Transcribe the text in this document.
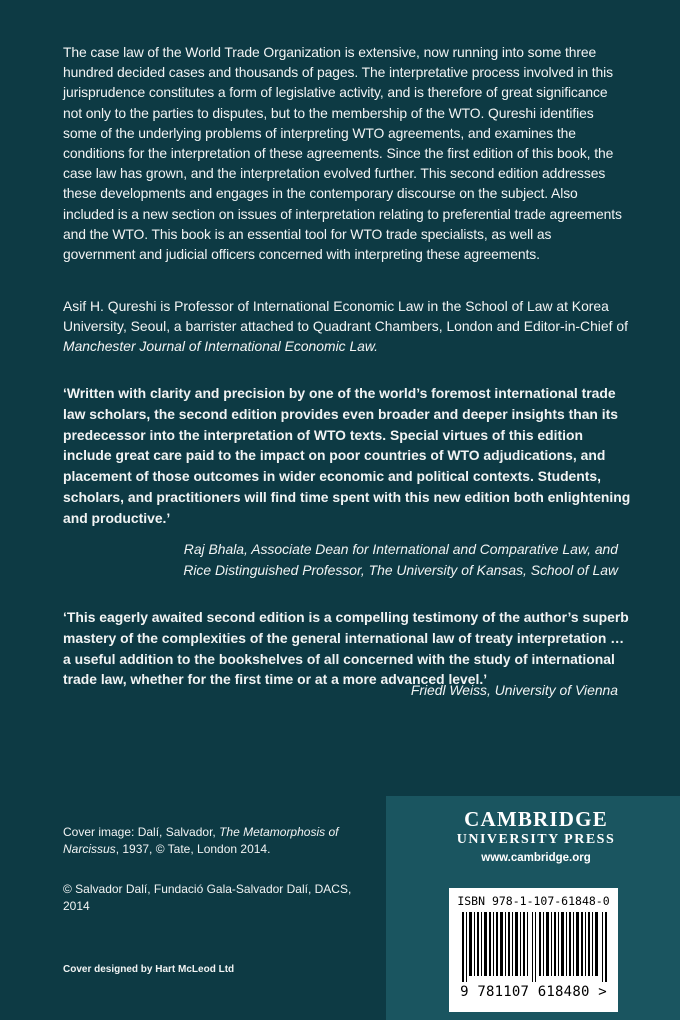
The case law of the World Trade Organization is extensive, now running into some three hundred decided cases and thousands of pages. The interpretative process involved in this jurisprudence constitutes a form of legislative activity, and is therefore of great significance not only to the parties to disputes, but to the membership of the WTO. Qureshi identifies some of the underlying problems of interpreting WTO agreements, and examines the conditions for the interpretation of these agreements. Since the first edition of this book, the case law has grown, and the interpretation evolved further. This second edition addresses these developments and engages in the contemporary discourse on the subject. Also included is a new section on issues of interpretation relating to preferential trade agreements and the WTO. This book is an essential tool for WTO trade specialists, as well as government and judicial officers concerned with interpreting these agreements.

Asif H. Qureshi is Professor of International Economic Law in the School of Law at Korea University, Seoul, a barrister attached to Quadrant Chambers, London and Editor-in-Chief of Manchester Journal of International Economic Law.

‘Written with clarity and precision by one of the world’s foremost international trade law scholars, the second edition provides even broader and deeper insights than its predecessor into the interpretation of WTO texts. Special virtues of this edition include great care paid to the impact on poor countries of WTO adjudications, and placement of those outcomes in wider economic and political contexts. Students, scholars, and practitioners will find time spent with this new edition both enlightening and productive.’

Raj Bhala, Associate Dean for International and Comparative Law, and
Rice Distinguished Professor, The University of Kansas, School of Law

‘This eagerly awaited second edition is a compelling testimony of the author’s superb mastery of the complexities of the general international law of treaty interpretation … a useful addition to the bookshelves of all concerned with the study of international trade law, whether for the first time or at a more advanced level.’

Friedl Weiss, University of Vienna

Cover image: Dalí, Salvador, The Metamorphosis of Narcissus, 1937, © Tate, London 2014.

© Salvador Dalí, Fundació Gala-Salvador Dalí, DACS, 2014

Cover designed by Hart McLeod Ltd

CAMBRIDGE
UNIVERSITY PRESS
www.cambridge.org
ISBN 978-1-107-61848-0
9 781107 618480 >
